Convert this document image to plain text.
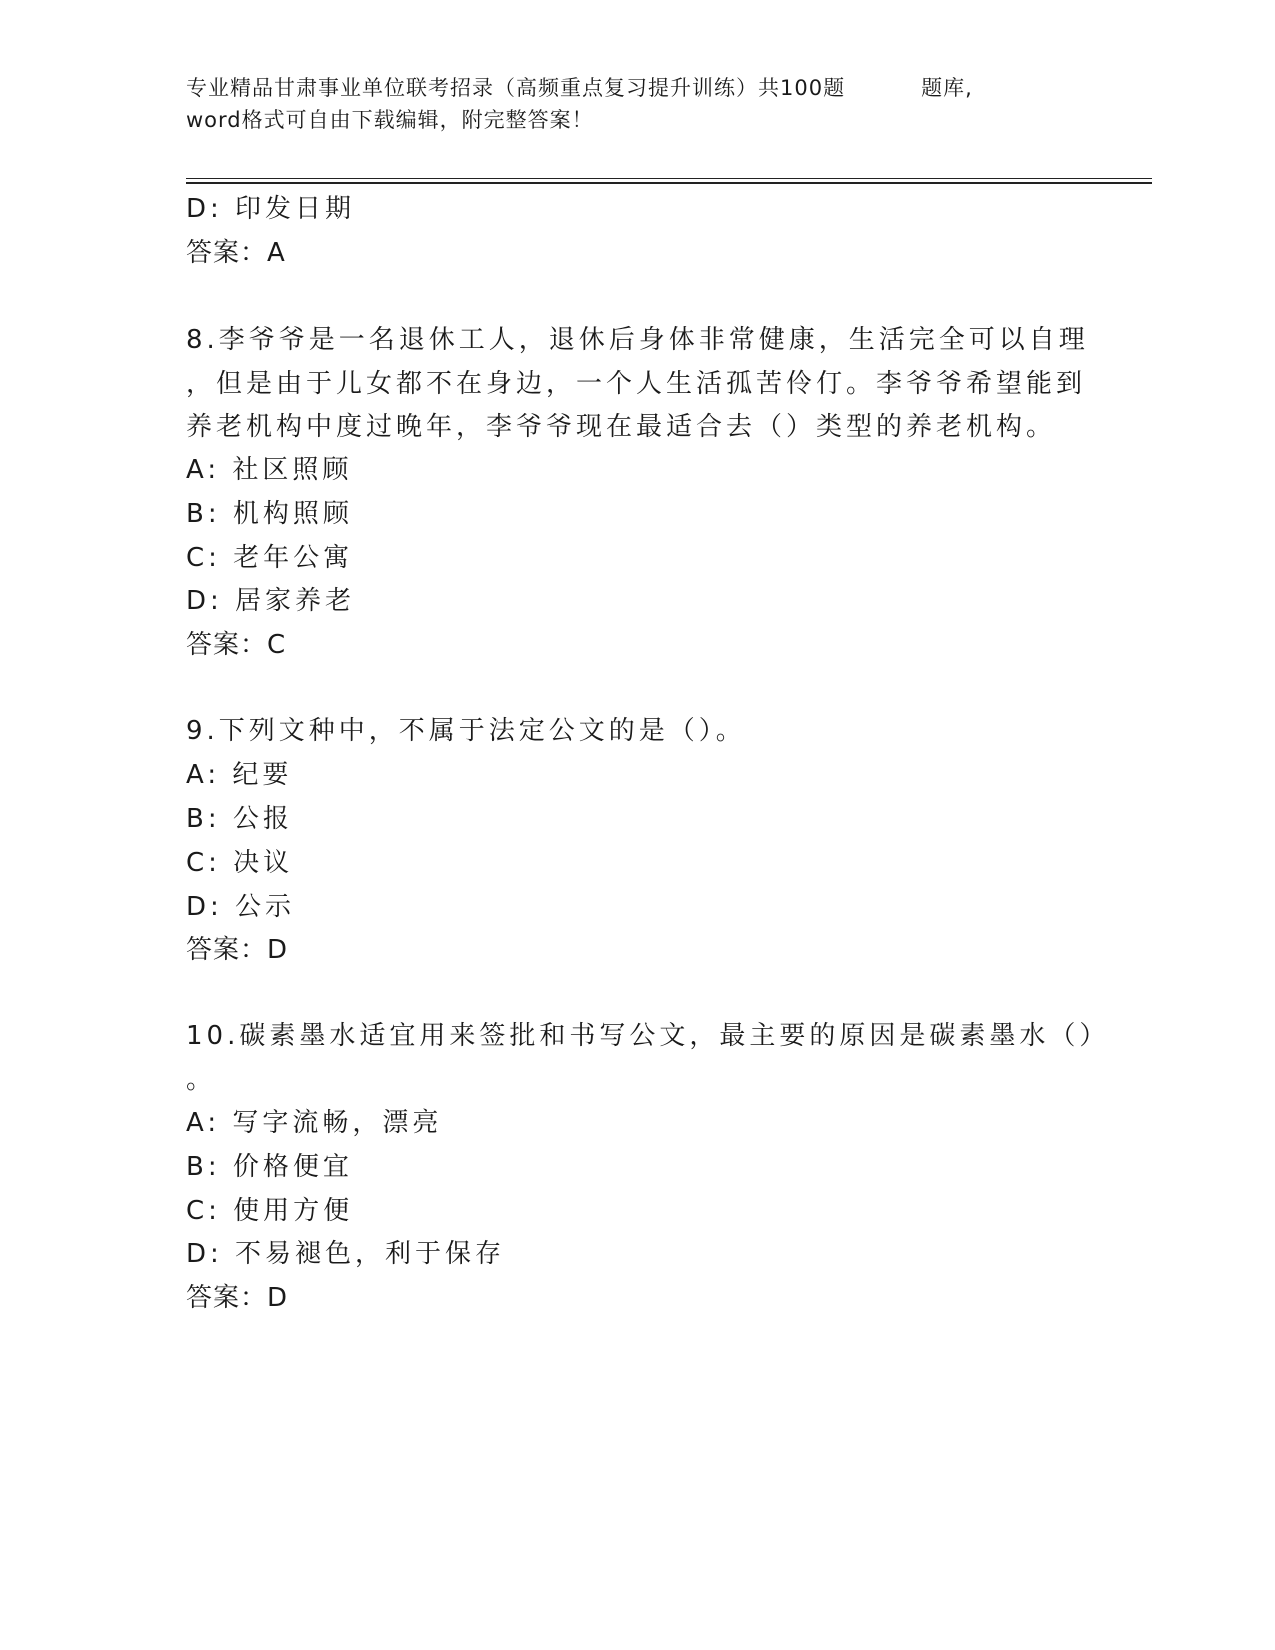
专业精品甘肃事业单位联考招录（高频重点复习提升训练）共100题	题库,
word格式可自由下载编辑，附完整答案！
D: 印发日期
答案：A
8.李爷爷是一名退休工人，退休后身体非常健康，生活完全可以自理
，但是由于儿女都不在身边，一个人生活孤苦伶仃。李爷爷希望能到
养老机构中度过晚年，李爷爷现在最适合去（）类型的养老机构。
A: 社区照顾
B: 机构照顾
C: 老年公寓
D: 居家养老
答案：C
9.下列文种中，不属于法定公文的是（）。
A: 纪要
B: 公报
C: 决议
D: 公示
答案：D
10.碳素墨水适宜用来签批和书写公文，最主要的原因是碳素墨水（）
。
A: 写字流畅，漂亮
B: 价格便宜
C: 使用方便
D: 不易褪色，利于保存
答案：D
